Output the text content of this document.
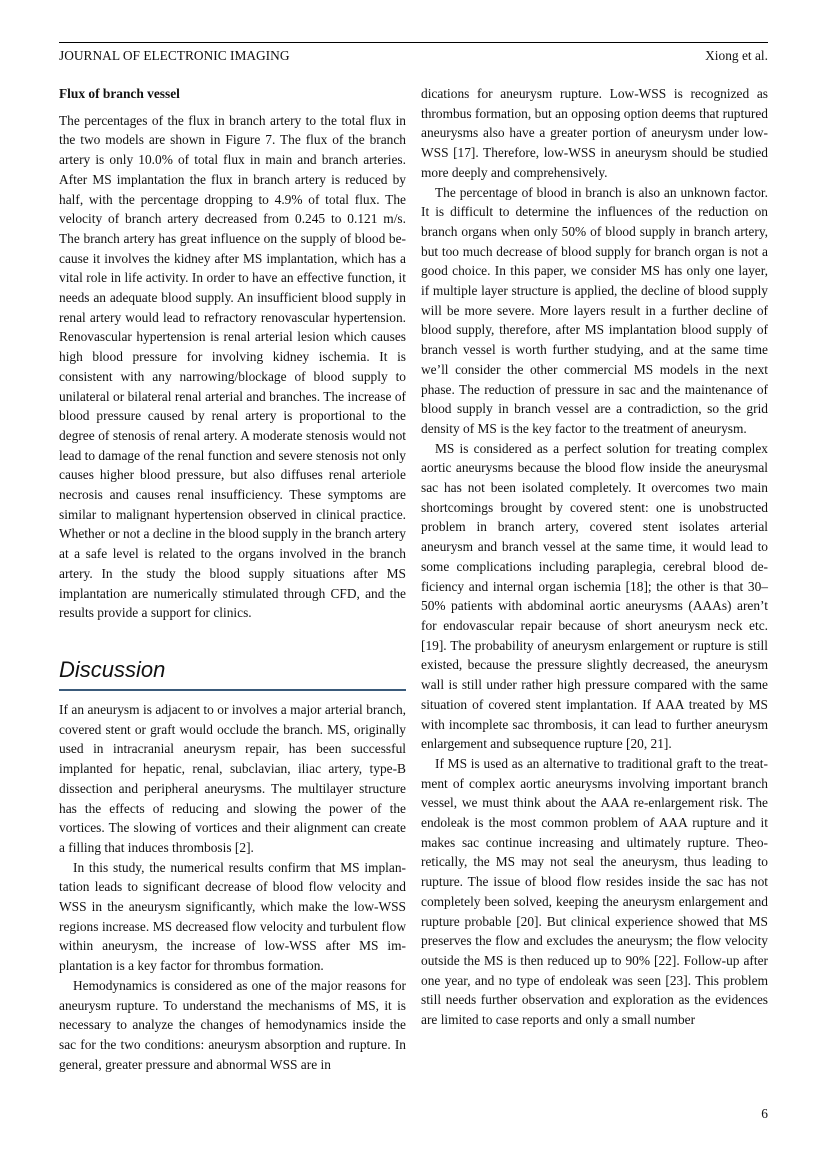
JOURNAL OF ELECTRONIC IMAGING	Xiong et al.
Flux of branch vessel

The percentages of the flux in branch artery to the total flux in the two models are shown in Figure 7. The flux of the branch artery is only 10.0% of total flux in main and branch arteries. After MS implantation the flux in branch artery is reduced by half, with the percentage dropping to 4.9% of total flux. The velocity of branch artery decreased from 0.245 to 0.121 m/s. The branch artery has great influence on the supply of blood because it involves the kidney after MS implantation, which has a vital role in life activity. In order to have an effective function, it needs an adequate blood supply. An insufficient blood supply in renal artery would lead to refractory renovascular hypertension. Renovascular hypertension is renal arterial lesion which causes high blood pressure for involving kidney ischemia. It is consistent with any narrowing/blockage of blood supply to unilateral or bilateral renal arterial and branches. The increase of blood pressure caused by renal artery is proportional to the degree of stenosis of renal artery. A moderate stenosis would not lead to damage of the renal function and severe stenosis not only causes higher blood pressure, but also diffuses renal arteriole necrosis and causes renal insufficiency. These symptoms are similar to malignant hypertension observed in clinical practice. Whether or not a decline in the blood supply in the branch artery at a safe level is related to the organs involved in the branch artery. In the study the blood supply situations after MS implantation are numerically stimulated through CFD, and the results provide a support for clinics.

Discussion

If an aneurysm is adjacent to or involves a major arterial branch, covered stent or graft would occlude the branch. MS, originally used in intracranial aneurysm repair, has been successful implanted for hepatic, renal, subclavian, iliac artery, type-B dissection and peripheral aneurysms. The multilayer structure has the effects of reducing and slowing the power of the vortices. The slowing of vortices and their alignment can create a filling that induces thrombosis [2].

In this study, the numerical results confirm that MS implantation leads to significant decrease of blood flow velocity and WSS in the aneurysm significantly, which make the low-WSS regions increase. MS decreased flow velocity and turbulent flow within aneurysm, the increase of low-WSS after MS implantation is a key factor for thrombus formation.

Hemodynamics is considered as one of the major reasons for aneurysm rupture. To understand the mechanisms of MS, it is necessary to analyze the changes of hemodynamics inside the sac for the two conditions: aneurysm absorption and rupture. In general, greater pressure and abnormal WSS are in

dications for aneurysm rupture. Low-WSS is recognized as thrombus formation, but an opposing option deems that ruptured aneurysms also have a greater portion of aneurysm under low-WSS [17]. Therefore, low-WSS in aneurysm should be studied more deeply and comprehensively.

The percentage of blood in branch is also an unknown factor. It is difficult to determine the influences of the reduction on branch organs when only 50% of blood supply in branch artery, but too much decrease of blood supply for branch organ is not a good choice. In this paper, we consider MS has only one layer, if multiple layer structure is applied, the decline of blood supply will be more severe. More layers result in a further decline of blood supply, therefore, after MS implantation blood supply of branch vessel is worth further studying, and at the same time we’ll consider the other commercial MS models in the next phase. The reduction of pressure in sac and the maintenance of blood supply in branch vessel are a contradiction, so the grid density of MS is the key factor to the treatment of aneurysm.

MS is considered as a perfect solution for treating complex aortic aneurysms because the blood flow inside the aneurysmal sac has not been isolated completely. It overcomes two main shortcomings brought by covered stent: one is unobstructed problem in branch artery, covered stent isolates arterial aneurysm and branch vessel at the same time, it would lead to some complications including paraplegia, cerebral blood deficiency and internal organ ischemia [18]; the other is that 30–50% patients with abdominal aortic aneurysms (AAAs) aren’t for endovascular repair because of short aneurysm neck etc. [19]. The probability of aneurysm enlargement or rupture is still existed, because the pressure slightly decreased, the aneurysm wall is still under rather high pressure compared with the same situation of covered stent implantation. If AAA treated by MS with incomplete sac thrombosis, it can lead to further aneurysm enlargement and subsequence rupture [20, 21].

If MS is used as an alternative to traditional graft to the treatment of complex aortic aneurysms involving important branch vessel, we must think about the AAA re-enlargement risk. The endoleak is the most common problem of AAA rupture and it makes sac continue increasing and ultimately rupture. Theoretically, the MS may not seal the aneurysm, thus leading to rupture. The issue of blood flow resides inside the sac has not completely been solved, keeping the aneurysm enlargement and rupture probable [20]. But clinical experience showed that MS preserves the flow and excludes the aneurysm; the flow velocity outside the MS is then reduced up to 90% [22]. Follow-up after one year, and no type of endoleak was seen [23]. This problem still needs further observation and exploration as the evidences are limited to case reports and only a small number

6
